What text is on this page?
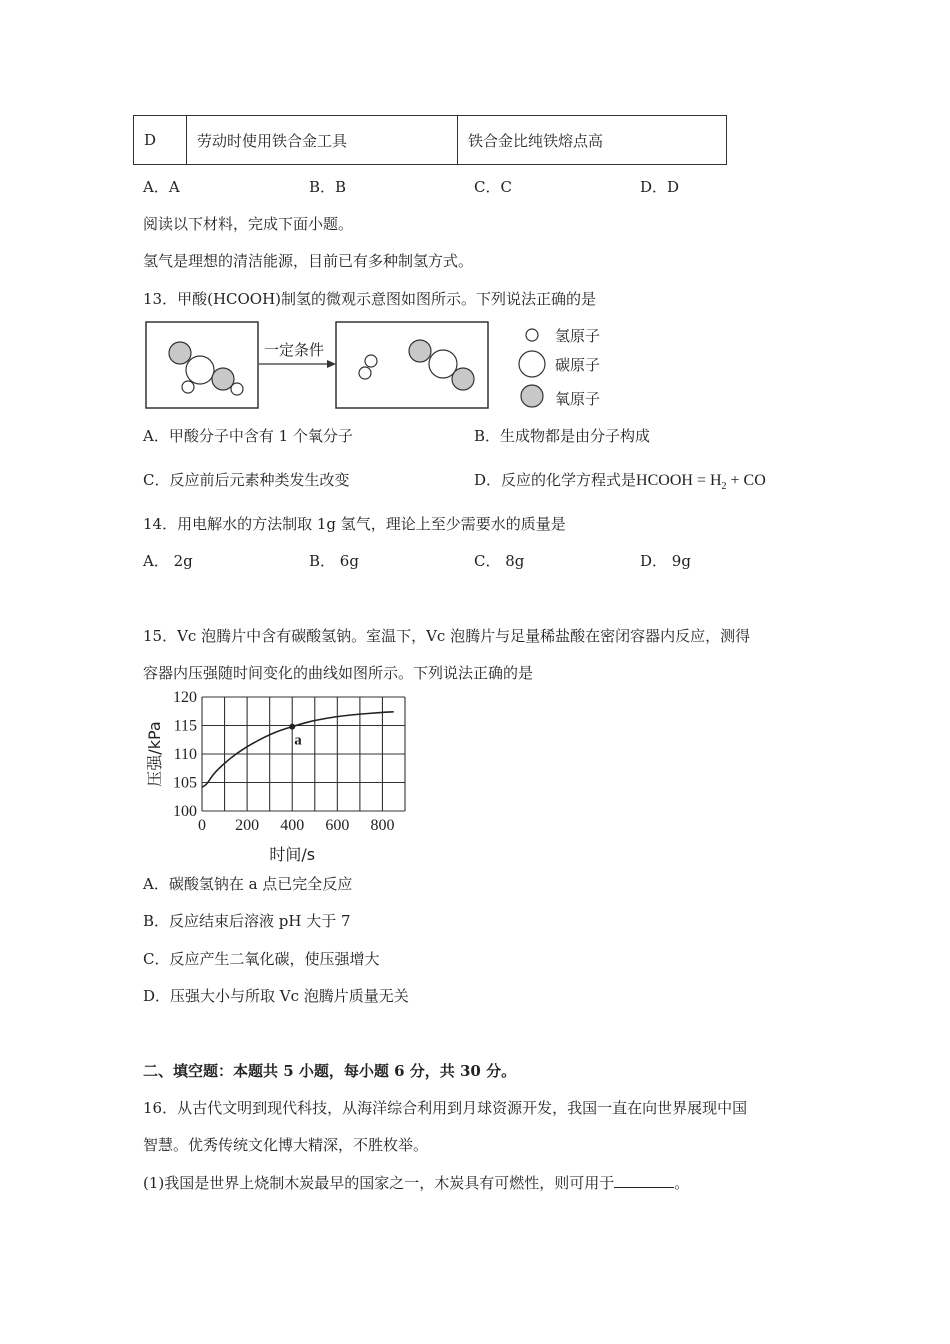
D	劳动时使用铁合金工具	铁合金比纯铁熔点高
A．A	B．B	C．C	D．D
阅读以下材料，完成下面小题。
氢气是理想的清洁能源，目前已有多种制氢方式。
13．甲酸(HCOOH)制氢的微观示意图如图所示。下列说法正确的是
一定条件
氢原子
碳原子
氧原子
A．甲酸分子中含有 1 个氧分子	B．生成物都是由分子构成
C．反应前后元素种类发生改变	D．反应的化学方程式是HCOOH = $H_2$ + CO
14．用电解水的方法制取 1g 氢气，理论上至少需要水的质量是
A． 2g	B． 6g	C． 8g	D． 9g
15．Vc 泡腾片中含有碳酸氢钠。室温下，Vc 泡腾片与足量稀盐酸在密闭容器内反应，测得
容器内压强随时间变化的曲线如图所示。下列说法正确的是
0 200 400 600 800
100
105
110
115
120
a
压强/kPa
时间/s
A．碳酸氢钠在 a 点已完全反应
B．反应结束后溶液 pH 大于 7
C．反应产生二氧化碳，使压强增大
D．压强大小与所取 Vc 泡腾片质量无关
二、填空题：本题共 5 小题，每小题 6 分，共 30 分。
16．从古代文明到现代科技，从海洋综合利用到月球资源开发，我国一直在向世界展现中国
智慧。优秀传统文化博大精深，不胜枚举。
(1)我国是世界上烧制木炭最早的国家之一，木炭具有可燃性，则可用于	。
